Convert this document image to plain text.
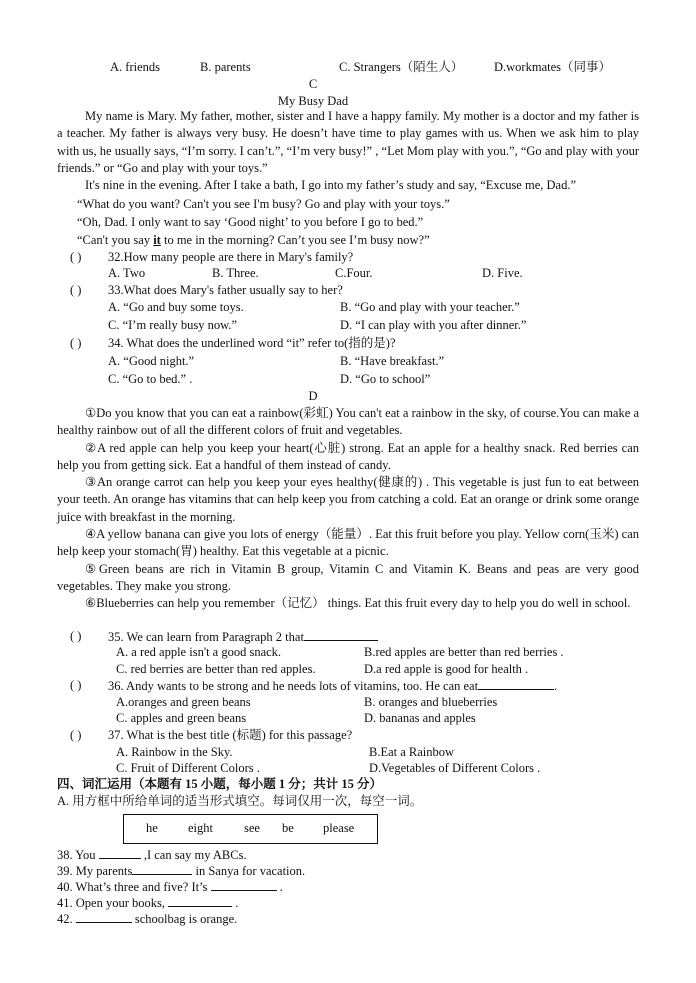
A. friends	B. parents	C. Strangers（陌生人） D.workmates（同事）
C
My Busy Dad

My name is Mary. My father, mother, sister and I have a happy family. My mother is a doctor and my father is a teacher. My father is always very busy. He doesn’t have time to play games with us. When we ask him to play with us, he usually says, “I’m sorry. I can’t.”, “I’m very busy!” , “Let Mom play with you.”, “Go and play with your friends.” or “Go and play with your toys.”

It's nine in the evening. After I take a bath, I go into my father’s study and say, “Excuse me, Dad.”

“What do you want? Can't you see I'm busy? Go and play with your toys.”
“Oh, Dad. I only want to say ‘Good night’ to you before I go to bed.”
“Can't you say it to me in the morning? Can’t you see I’m busy now?”
( ) 32.How many people are there in Mary's family?
A. Two	B. Three.	C.Four.	D. Five.
( ) 33.What does Mary's father usually say to her?
A. “Go and buy some toys.	B. “Go and play with your teacher.”
C. “I’m really busy now.”	D. “I can play with you after dinner.”
( ) 34. What does the underlined word “it” refer to(指的是)?
A. “Good night.”	B. “Have breakfast.”
C. “Go to bed.” .	D. “Go to school”
D

①Do you know that you can eat a rainbow(彩虹) You can't eat a rainbow in the sky, of course.You can make a healthy rainbow out of all the different colors of fruit and vegetables.

②A red apple can help you keep your heart(心脏) strong. Eat an apple for a healthy snack. Red berries can help you from getting sick. Eat a handful of them instead of candy.

③An orange carrot can help you keep your eyes healthy(健康的) . This vegetable is just fun to eat between your teeth. An orange has vitamins that can help keep you from catching a cold. Eat an orange or drink some orange juice with breakfast in the morning.

④A yellow banana can give you lots of energy（能量）. Eat this fruit before you play. Yellow corn(玉米) can help keep your stomach(胃) healthy. Eat this vegetable at a picnic.

⑤Green beans are rich in Vitamin B group, Vitamin C and Vitamin K. Beans and peas are very good vegetables. They make you strong.

⑥Blueberries can help you remember（记忆） things. Eat this fruit every day to help you do well in school.

( ) 35. We can learn from Paragraph 2 that
A. a red apple isn't a good snack.	B.red apples are better than red berries .
C. red berries are better than red apples.	D.a red apple is good for health .
( ) 36. Andy wants to be strong and he needs lots of vitamins, too. He can eat	.
A.oranges and green beans	B. oranges and blueberries
C. apples and green beans	D. bananas and apples
( ) 37. What is the best title (标题) for this passage?
A. Rainbow in the Sky.	B.Eat a Rainbow
C. Fruit of Different Colors .	D.Vegetables of Different Colors .
四、词汇运用（本题有 15 小题，每小题 1 分；共计 15 分）
A. 用方框中所给单词的适当形式填空。每词仅用一次，每空一词。
he eight see be please
38. You	,I can say my ABCs.
39. My parents	in Sanya for vacation.
40. What’s three and five? It’s	.
41. Open your books,	.
42.	schoolbag is orange.
